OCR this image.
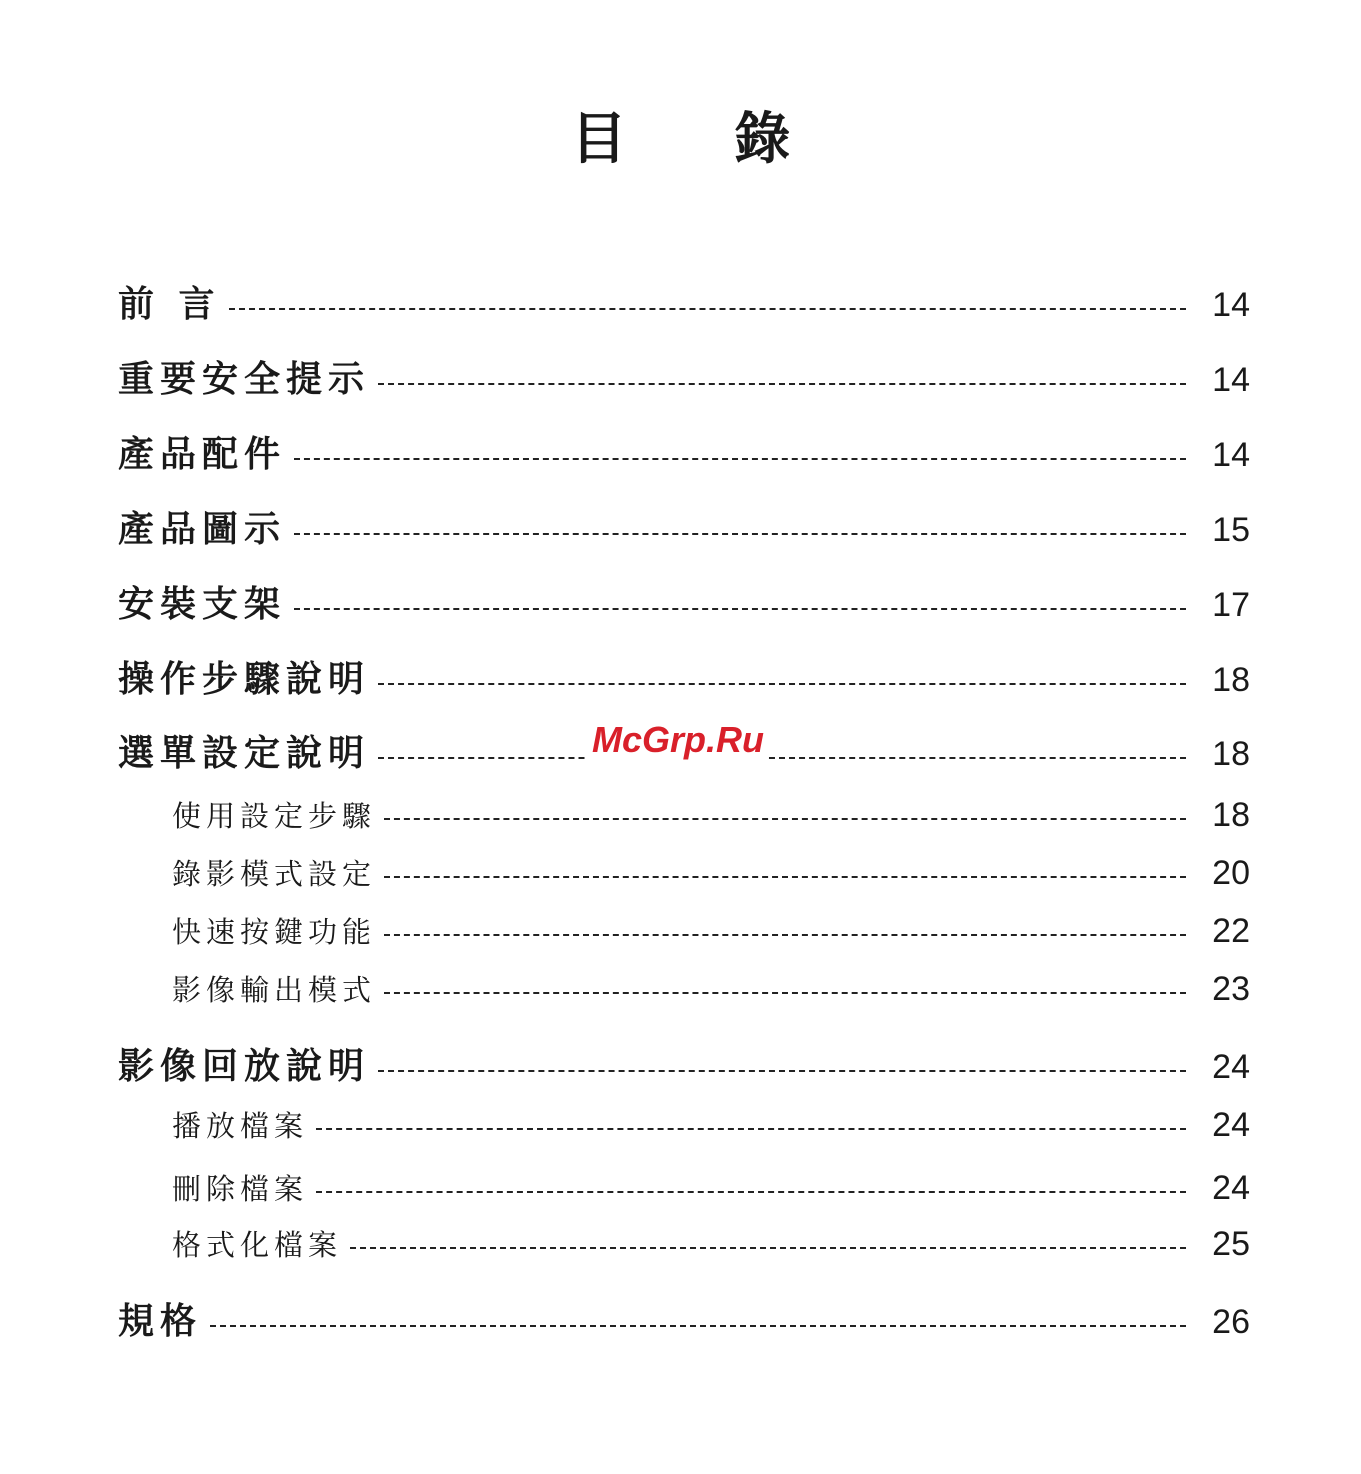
目 錄
前 言	14
重要安全提示	14
產品配件	14
產品圖示	15
安裝支架	17
操作步驟說明	18
選單設定說明	18
使用設定步驟	18
錄影模式設定	20
快速按鍵功能	22
影像輸出模式	23
影像回放說明	24
播放檔案	24
刪除檔案	24
格式化檔案	25
規格	26
McGrp.Ru
